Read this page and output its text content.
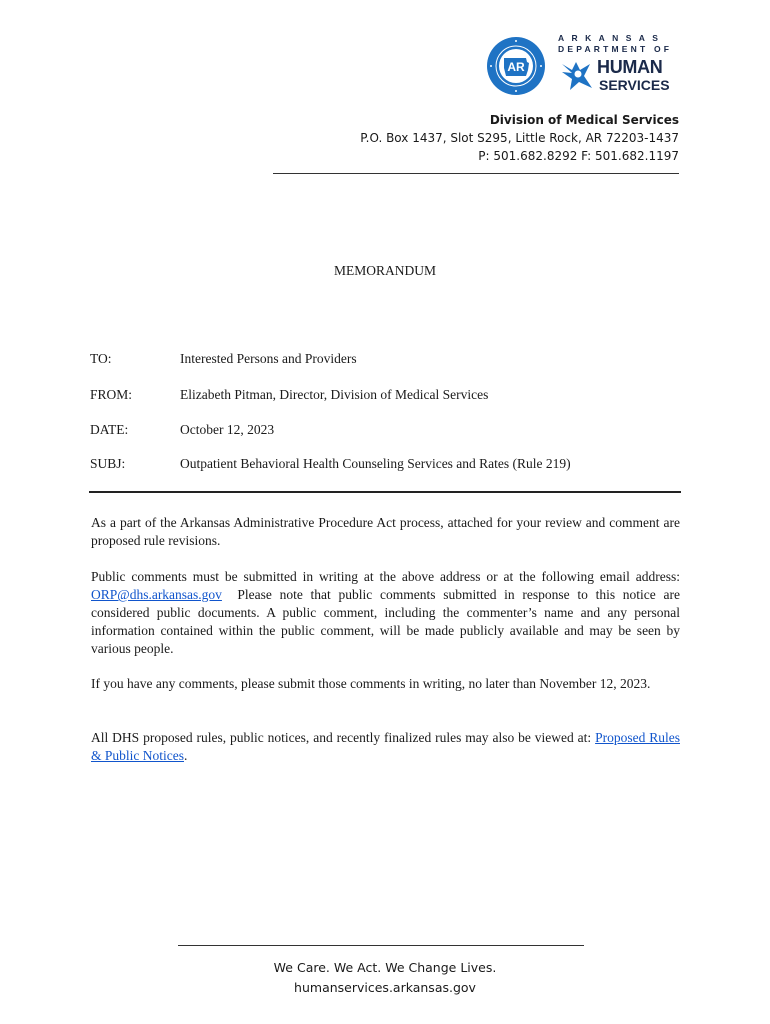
AR
ARKANSAS
DEPARTMENT OF
HUMAN
SERVICES
Division of Medical Services
P.O. Box 1437, Slot S295, Little Rock, AR 72203-1437
P: 501.682.8292 F: 501.682.1197
MEMORANDUM
TO:	Interested Persons and Providers
FROM:	Elizabeth Pitman, Director, Division of Medical Services
DATE:	October 12, 2023
SUBJ:	Outpatient Behavioral Health Counseling Services and Rates (Rule 219)
As a part of the Arkansas Administrative Procedure Act process, attached for your review and comment are proposed rule revisions.
Public comments must be submitted in writing at the above address or at the following email address: ORP@dhs.arkansas.gov  Please note that public comments submitted in response to this notice are considered public documents. A public comment, including the commenter’s name and any personal information contained within the public comment, will be made publicly available and may be seen by various people.
If you have any comments, please submit those comments in writing, no later than November 12, 2023.
All DHS proposed rules, public notices, and recently finalized rules may also be viewed at: Proposed Rules & Public Notices.
We Care. We Act. We Change Lives.
humanservices.arkansas.gov
